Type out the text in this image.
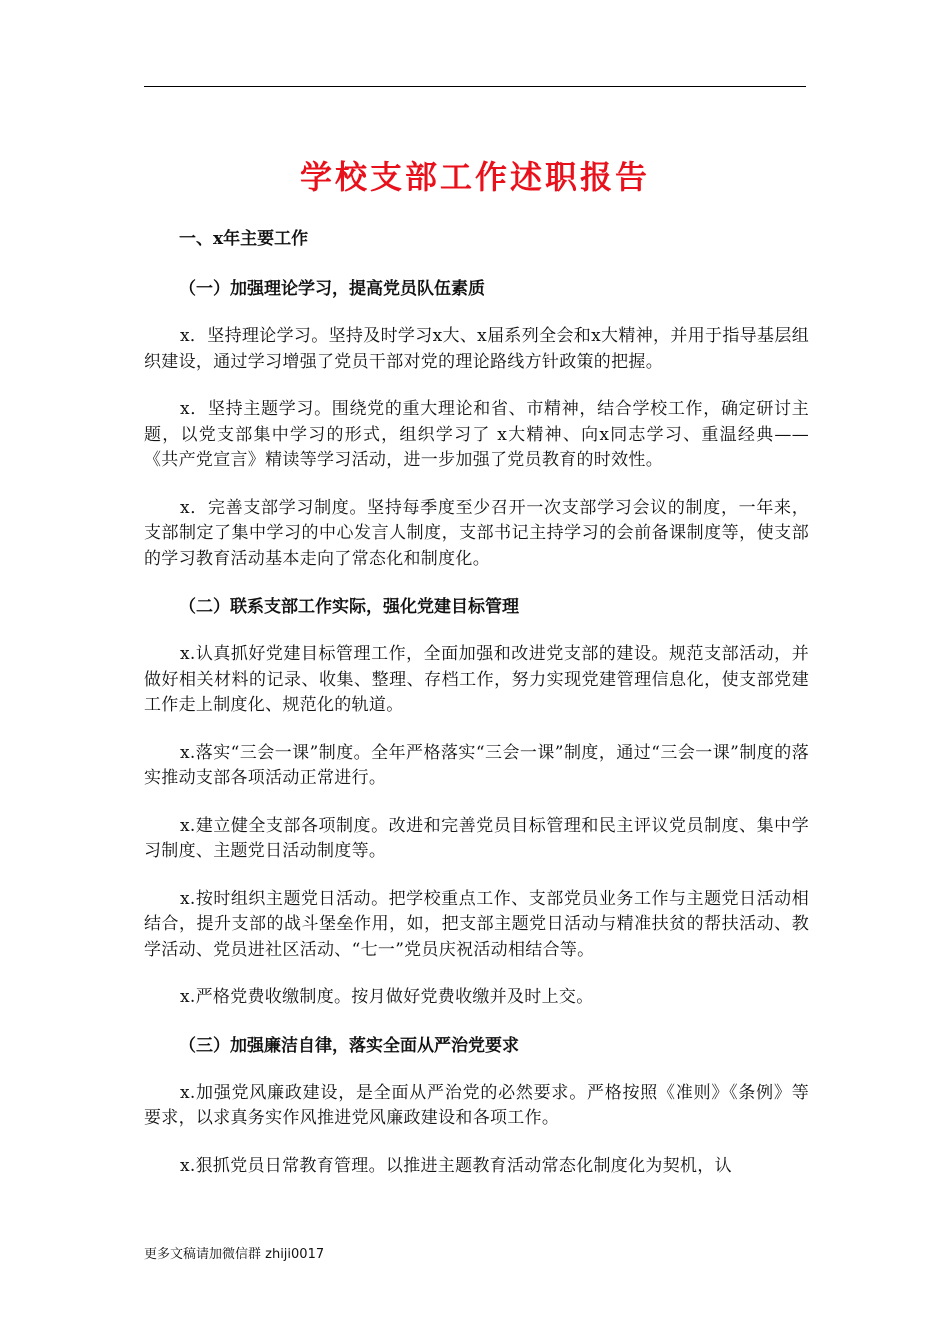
学校支部工作述职报告

一、x年主要工作

（一）加强理论学习，提高党员队伍素质

x．坚持理论学习。坚持及时学习x大、x届系列全会和x大精神，并用于指导基层组织建设，通过学习增强了党员干部对党的理论路线方针政策的把握。

x．坚持主题学习。围绕党的重大理论和省、市精神，结合学校工作，确定研讨主题，以党支部集中学习的形式，组织学习了 x大精神、向x同志学习、重温经典——《共产党宣言》精读等学习活动，进一步加强了党员教育的时效性。

x．完善支部学习制度。坚持每季度至少召开一次支部学习会议的制度，一年来，支部制定了集中学习的中心发言人制度，支部书记主持学习的会前备课制度等，使支部的学习教育活动基本走向了常态化和制度化。

（二）联系支部工作实际，强化党建目标管理

x.认真抓好党建目标管理工作，全面加强和改进党支部的建设。规范支部活动，并做好相关材料的记录、收集、整理、存档工作，努力实现党建管理信息化，使支部党建工作走上制度化、规范化的轨道。

x.落实“三会一课”制度。全年严格落实“三会一课”制度，通过“三会一课”制度的落实推动支部各项活动正常进行。

x.建立健全支部各项制度。改进和完善党员目标管理和民主评议党员制度、集中学习制度、主题党日活动制度等。

x.按时组织主题党日活动。把学校重点工作、支部党员业务工作与主题党日活动相结合，提升支部的战斗堡垒作用，如，把支部主题党日活动与精准扶贫的帮扶活动、教学活动、党员进社区活动、“七一”党员庆祝活动相结合等。

x.严格党费收缴制度。按月做好党费收缴并及时上交。

（三）加强廉洁自律，落实全面从严治党要求

x.加强党风廉政建设，是全面从严治党的必然要求。严格按照《准则》《条例》等要求，以求真务实作风推进党风廉政建设和各项工作。

x.狠抓党员日常教育管理。以推进主题教育活动常态化制度化为契机，认

更多文稿请加微信群 zhiji0017
